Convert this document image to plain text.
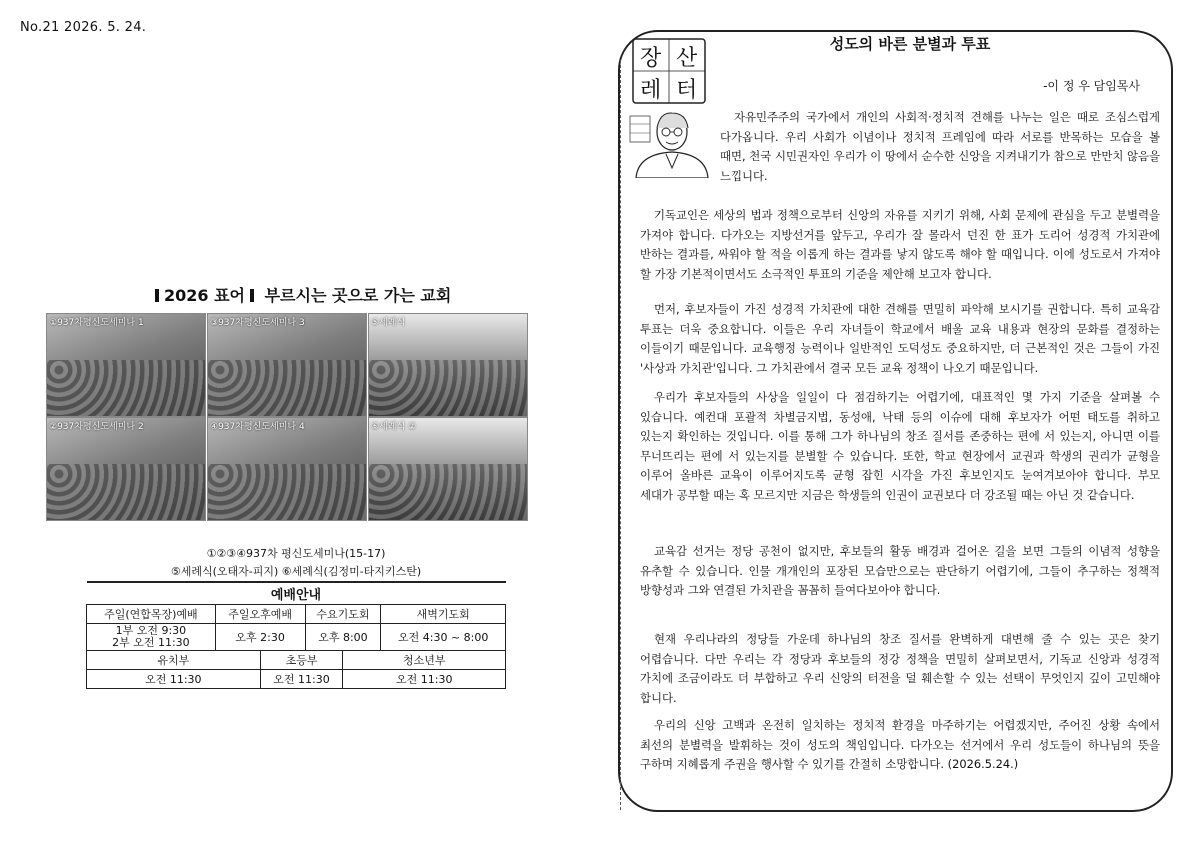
No.21 2026. 5. 24.
2026 표어 부르시는 곳으로 가는 교회
①937차평신도세미나 1	③937차평신도세미나 3	⑤세례식
②937차평신도세미나 2	④937차평신도세미나 4	⑥세례식 ②
①②③④937차 평신도세미나(15-17)
⑤세례식(오태자-피지) ⑥세례식(김정미-타지키스탄)
예배안내					
주일(연합목장)예배	주일오후예배		수요기도회		새벽기도회
1부 오전 9:30
2부 오전 11:30	오후 2:30		오후 8:00		오전 4:30 ~ 8:00
유치부		초등부		청소년부	
오전 11:30		오전 11:30		오전 11:30	
장 산
레 터
성도의 바른 분별과 투표
-이 정 우 담임목사

자유민주주의 국가에서 개인의 사회적·정치적 견해를 나누는 일은 때로 조심스럽게 다가옵니다. 우리 사회가 이념이나 정치적 프레임에 따라 서로를 반목하는 모습을 볼 때면, 천국 시민권자인 우리가 이 땅에서 순수한 신앙을 지켜내기가 참으로 만만치 않음을 느낍니다.

기독교인은 세상의 법과 정책으로부터 신앙의 자유를 지키기 위해, 사회 문제에 관심을 두고 분별력을 가져야 합니다. 다가오는 지방선거를 앞두고, 우리가 잘 몰라서 던진 한 표가 도리어 성경적 가치관에 반하는 결과를, 싸워야 할 적을 이롭게 하는 결과를 낳지 않도록 해야 할 때입니다. 이에 성도로서 가져야 할 가장 기본적이면서도 소극적인 투표의 기준을 제안해 보고자 합니다.

먼저, 후보자들이 가진 성경적 가치관에 대한 견해를 면밀히 파악해 보시기를 권합니다. 특히 교육감 투표는 더욱 중요합니다. 이들은 우리 자녀들이 학교에서 배울 교육 내용과 현장의 문화를 결정하는 이들이기 때문입니다. 교육행정 능력이나 일반적인 도덕성도 중요하지만, 더 근본적인 것은 그들이 가진 '사상과 가치관'입니다. 그 가치관에서 결국 모든 교육 정책이 나오기 때문입니다.

우리가 후보자들의 사상을 일일이 다 점검하기는 어렵기에, 대표적인 몇 가지 기준을 살펴볼 수 있습니다. 예컨대 포괄적 차별금지법, 동성애, 낙태 등의 이슈에 대해 후보자가 어떤 태도를 취하고 있는지 확인하는 것입니다. 이를 통해 그가 하나님의 창조 질서를 존중하는 편에 서 있는지, 아니면 이를 무너뜨리는 편에 서 있는지를 분별할 수 있습니다. 또한, 학교 현장에서 교권과 학생의 권리가 균형을 이루어 올바른 교육이 이루어지도록 균형 잡힌 시각을 가진 후보인지도 눈여겨보아야 합니다. 부모 세대가 공부할 때는 혹 모르지만 지금은 학생들의 인권이 교권보다 더 강조될 때는 아닌 것 같습니다.

교육감 선거는 정당 공천이 없지만, 후보들의 활동 배경과 걸어온 길을 보면 그들의 이념적 성향을 유추할 수 있습니다. 인물 개개인의 포장된 모습만으로는 판단하기 어렵기에, 그들이 추구하는 정책적 방향성과 그와 연결된 가치관을 꼼꼼히 들여다보아야 합니다.

현재 우리나라의 정당들 가운데 하나님의 창조 질서를 완벽하게 대변해 줄 수 있는 곳은 찾기 어렵습니다. 다만 우리는 각 정당과 후보들의 정강 정책을 면밀히 살펴보면서, 기독교 신앙과 성경적 가치에 조금이라도 더 부합하고 우리 신앙의 터전을 덜 훼손할 수 있는 선택이 무엇인지 깊이 고민해야 합니다.

우리의 신앙 고백과 온전히 일치하는 정치적 환경을 마주하기는 어렵겠지만, 주어진 상황 속에서 최선의 분별력을 발휘하는 것이 성도의 책임입니다. 다가오는 선거에서 우리 성도들이 하나님의 뜻을 구하며 지혜롭게 주권을 행사할 수 있기를 간절히 소망합니다. (2026.5.24.)
